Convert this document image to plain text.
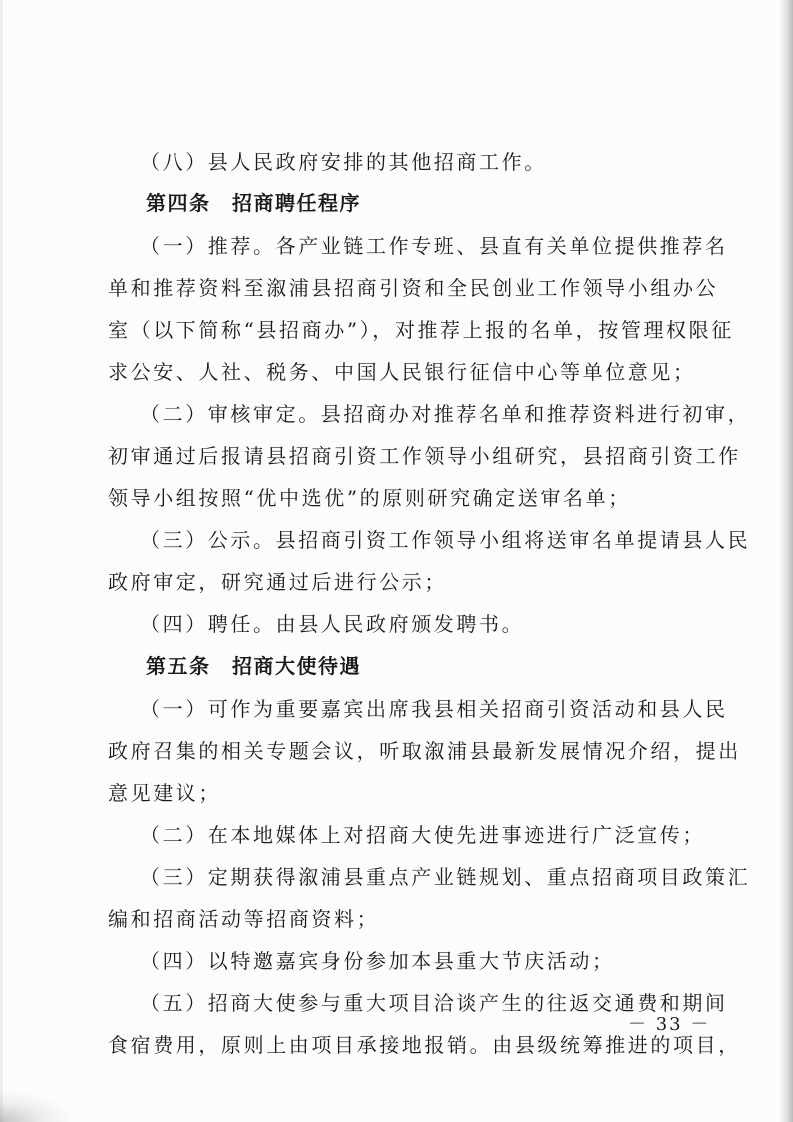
（八）县人民政府安排的其他招商工作。
第四条　招商聘任程序
（一）推荐。各产业链工作专班、县直有关单位提供推荐名
单和推荐资料至溆浦县招商引资和全民创业工作领导小组办公
室（以下简称“县招商办”），对推荐上报的名单，按管理权限征
求公安、人社、税务、中国人民银行征信中心等单位意见；
（二）审核审定。县招商办对推荐名单和推荐资料进行初审，
初审通过后报请县招商引资工作领导小组研究，县招商引资工作
领导小组按照“优中选优”的原则研究确定送审名单；
（三）公示。县招商引资工作领导小组将送审名单提请县人民
政府审定，研究通过后进行公示；
（四）聘任。由县人民政府颁发聘书。
第五条　招商大使待遇
（一）可作为重要嘉宾出席我县相关招商引资活动和县人民
政府召集的相关专题会议，听取溆浦县最新发展情况介绍，提出
意见建议；
（二）在本地媒体上对招商大使先进事迹进行广泛宣传；
（三）定期获得溆浦县重点产业链规划、重点招商项目政策汇
编和招商活动等招商资料；
（四）以特邀嘉宾身份参加本县重大节庆活动；
（五）招商大使参与重大项目洽谈产生的往返交通费和期间
食宿费用，原则上由项目承接地报销。由县级统筹推进的项目，
－ 33 －
